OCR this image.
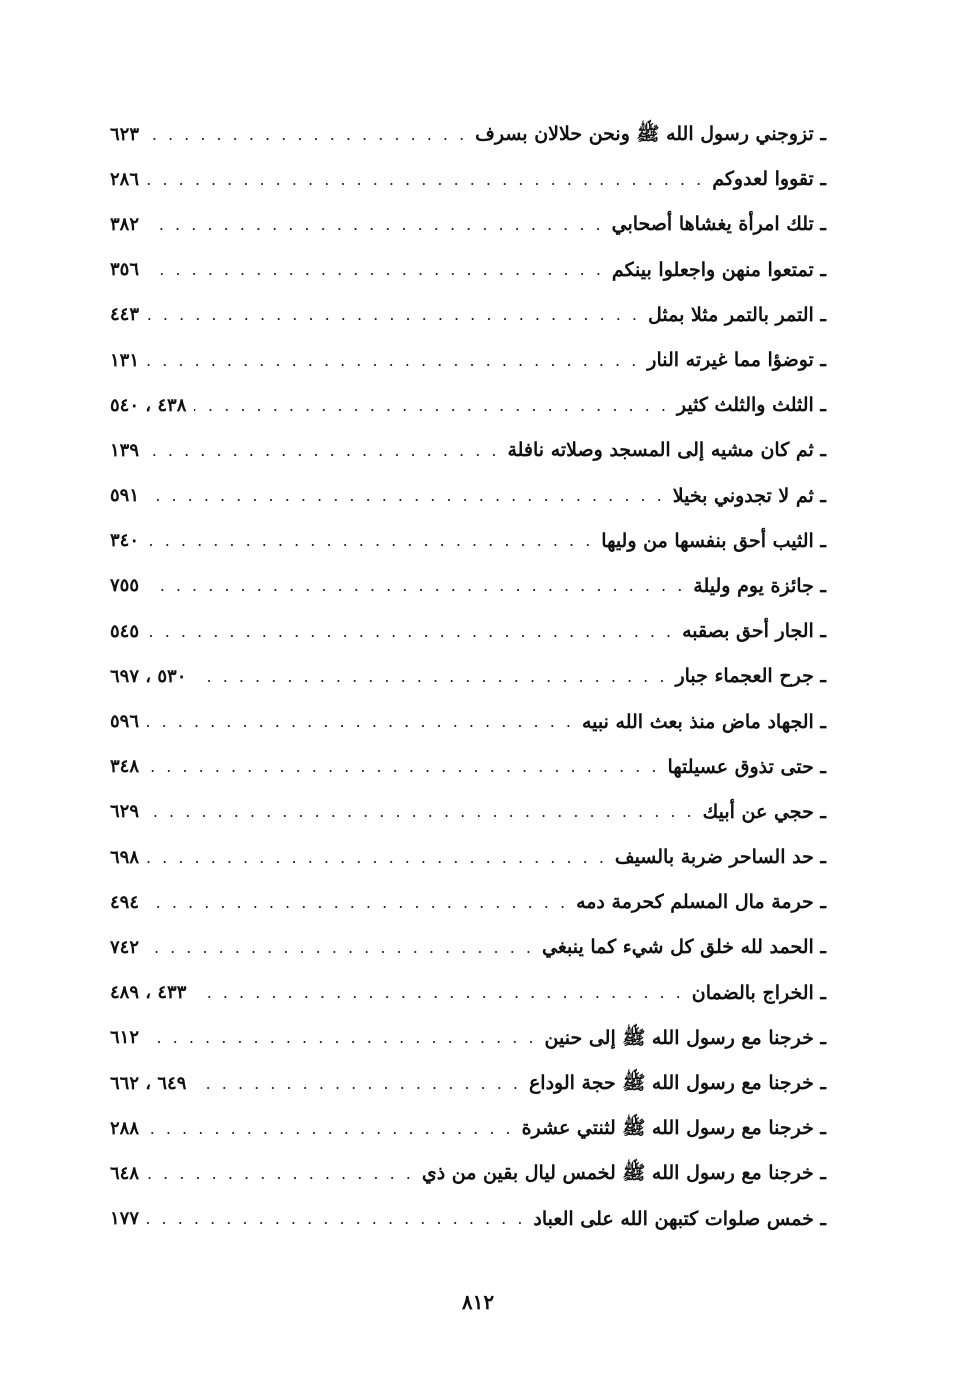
٦٢٣ . . .	ـ تزوجني رسول الله ﷺ ونحن حلالان بسرف
٢٨٦ . . .	ـ تقووا لعدوكم
٣٨٢ . . .	ـ تلك امرأة يغشاها أصحابي
٣٥٦ . . .	ـ تمتعوا منهن واجعلوا بينكم
٤٤٣ . . .	ـ التمر بالتمر مثلا بمثل
١٣١ . . .	ـ توضؤا مما غيرته النار
٤٣٨ ، ٥٤٠ . . .	ـ الثلث والثلث كثير
١٣٩ . . .	ـ ثم كان مشيه إلى المسجد وصلاته نافلة
٥٩١ . . .	ـ ثم لا تجدوني بخيلا
٣٤٠ . . .	ـ الثيب أحق بنفسها من وليها
٧٥٥ . . .	ـ جائزة يوم وليلة
٥٤٥ . . .	ـ الجار أحق بصقبه
٥٣٠ ، ٦٩٧ . . .	ـ جرح العجماء جبار
٥٩٦ . . .	ـ الجهاد ماض منذ بعث الله نبيه
٣٤٨ . . .	ـ حتى تذوق عسيلتها
٦٢٩ . . .	ـ حجي عن أبيك
٦٩٨ . . .	ـ حد الساحر ضربة بالسيف
٤٩٤ . . .	ـ حرمة مال المسلم كحرمة دمه
٧٤٢ . . .	ـ الحمد لله خلق كل شيء كما ينبغي
٤٣٣ ، ٤٨٩ . . .	ـ الخراج بالضمان
٦١٢ . . .	ـ خرجنا مع رسول الله ﷺ إلى حنين
٦٤٩ ، ٦٦٢ . . .	ـ خرجنا مع رسول الله ﷺ حجة الوداع
٢٨٨ . . .	ـ خرجنا مع رسول الله ﷺ لثنتي عشرة
٦٤٨ . . .	ـ خرجنا مع رسول الله ﷺ لخمس ليال بقين من ذي
١٧٧ . . .	ـ خمس صلوات كتبهن الله على العباد
٨١٢
